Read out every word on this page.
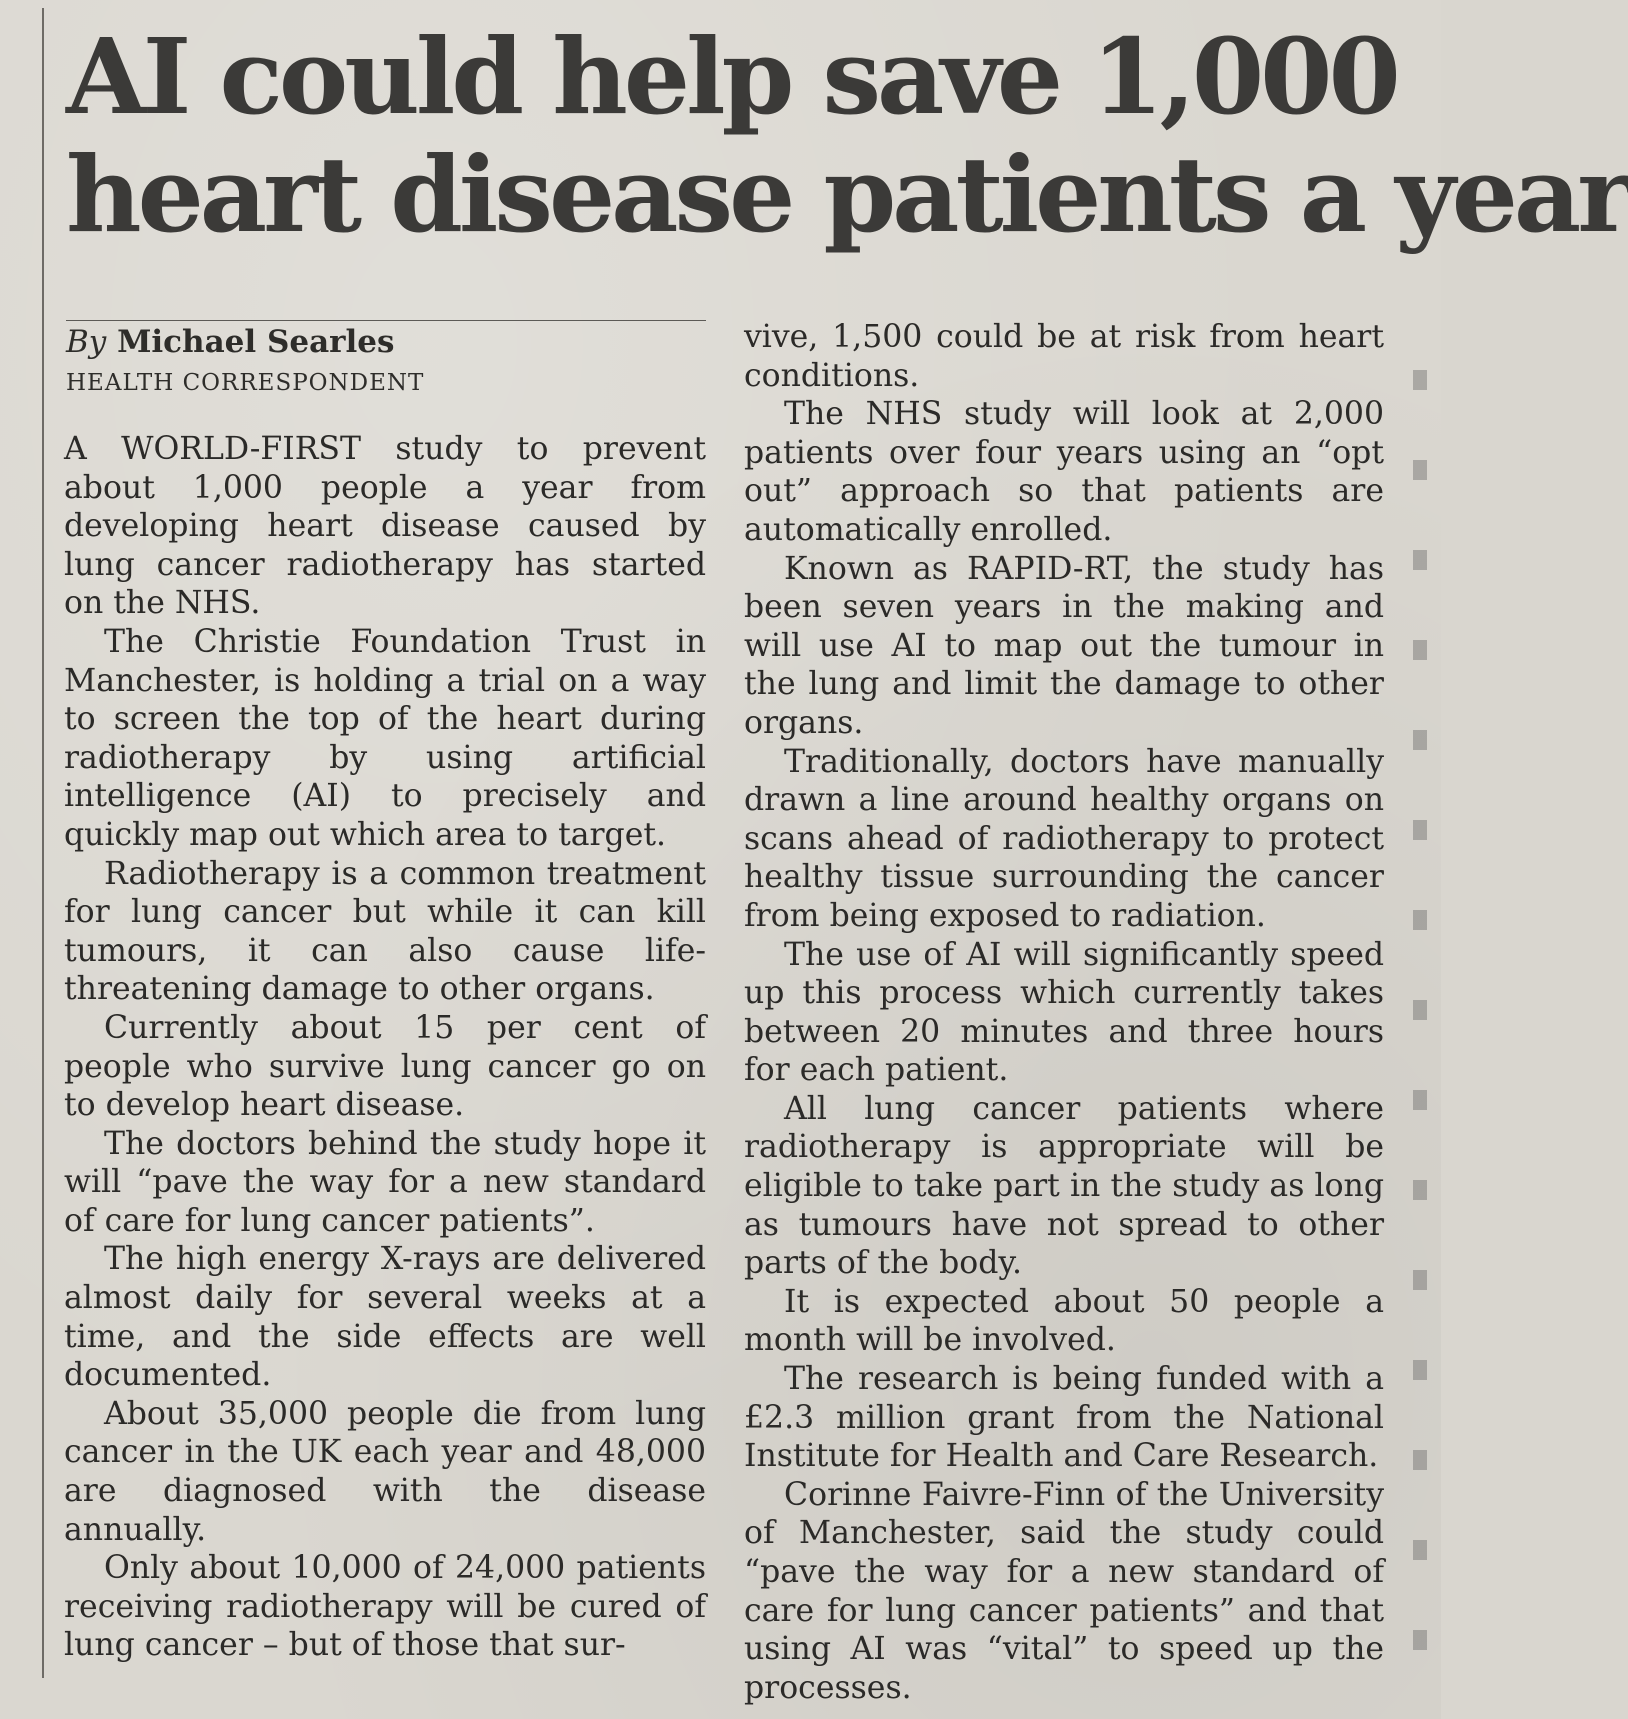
AI could help save 1,000
heart disease patients a year
By Michael Searles
HEALTH CORRESPONDENT

A WORLD-FIRST study to prevent about 1,000 people a year from developing heart disease caused by lung cancer radiotherapy has started on the NHS.

The Christie Foundation Trust in Manchester, is holding a trial on a way to screen the top of the heart during radiotherapy by using artificial intelligence (AI) to precisely and quickly map out which area to target.

Radiotherapy is a common treatment for lung cancer but while it can kill tumours, it can also cause life-threatening damage to other organs.

Currently about 15 per cent of people who survive lung cancer go on to develop heart disease.

The doctors behind the study hope it will “pave the way for a new standard of care for lung cancer patients”.

The high energy X-rays are delivered almost daily for several weeks at a time, and the side effects are well documented.

About 35,000 people die from lung cancer in the UK each year and 48,000 are diagnosed with the disease annually.

Only about 10,000 of 24,000 patients receiving radiotherapy will be cured of lung cancer – but of those that sur-

vive, 1,500 could be at risk from heart conditions.

The NHS study will look at 2,000 patients over four years using an “opt out” approach so that patients are automatically enrolled.

Known as RAPID-RT, the study has been seven years in the making and will use AI to map out the tumour in the lung and limit the damage to other organs.

Traditionally, doctors have manually drawn a line around healthy organs on scans ahead of radiotherapy to protect healthy tissue surrounding the cancer from being exposed to radiation.

The use of AI will significantly speed up this process which currently takes between 20 minutes and three hours for each patient.

All lung cancer patients where radiotherapy is appropriate will be eligible to take part in the study as long as tumours have not spread to other parts of the body.

It is expected about 50 people a month will be involved.

The research is being funded with a £2.3 million grant from the National Institute for Health and Care Research.

Corinne Faivre-Finn of the University of Manchester, said the study could “pave the way for a new standard of care for lung cancer patients” and that using AI was “vital” to speed up the processes.
